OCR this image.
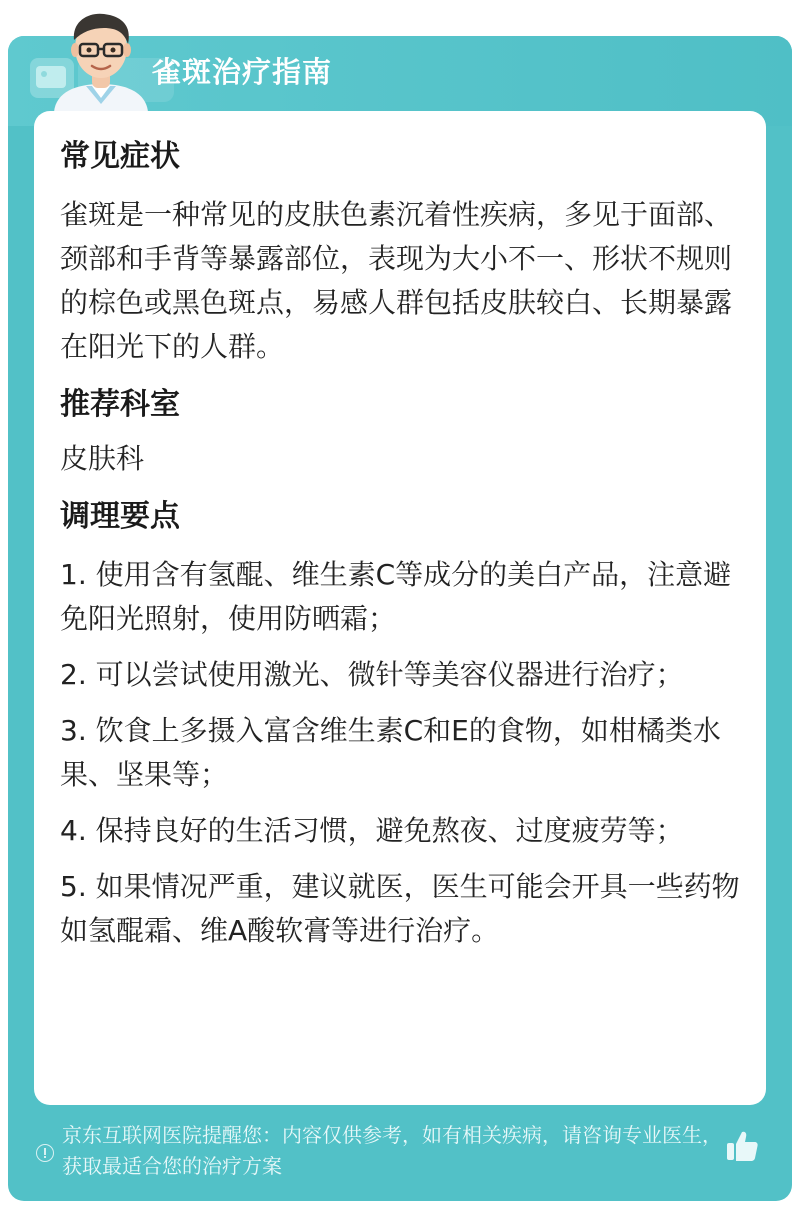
雀斑治疗指南
常见症状
雀斑是一种常见的皮肤色素沉着性疾病，多见于面部、颈部和手背等暴露部位，表现为大小不一、形状不规则的棕色或黑色斑点，易感人群包括皮肤较白、长期暴露在阳光下的人群。
推荐科室
皮肤科
调理要点
1. 使用含有氢醌、维生素C等成分的美白产品，注意避免阳光照射，使用防晒霜；
2. 可以尝试使用激光、微针等美容仪器进行治疗；
3. 饮食上多摄入富含维生素C和E的食物，如柑橘类水果、坚果等；
4. 保持良好的生活习惯，避免熬夜、过度疲劳等；
5. 如果情况严重，建议就医，医生可能会开具一些药物如氢醌霜、维A酸软膏等进行治疗。
京东互联网医院提醒您：内容仅供参考，如有相关疾病，请咨询专业医生，获取最适合您的治疗方案
